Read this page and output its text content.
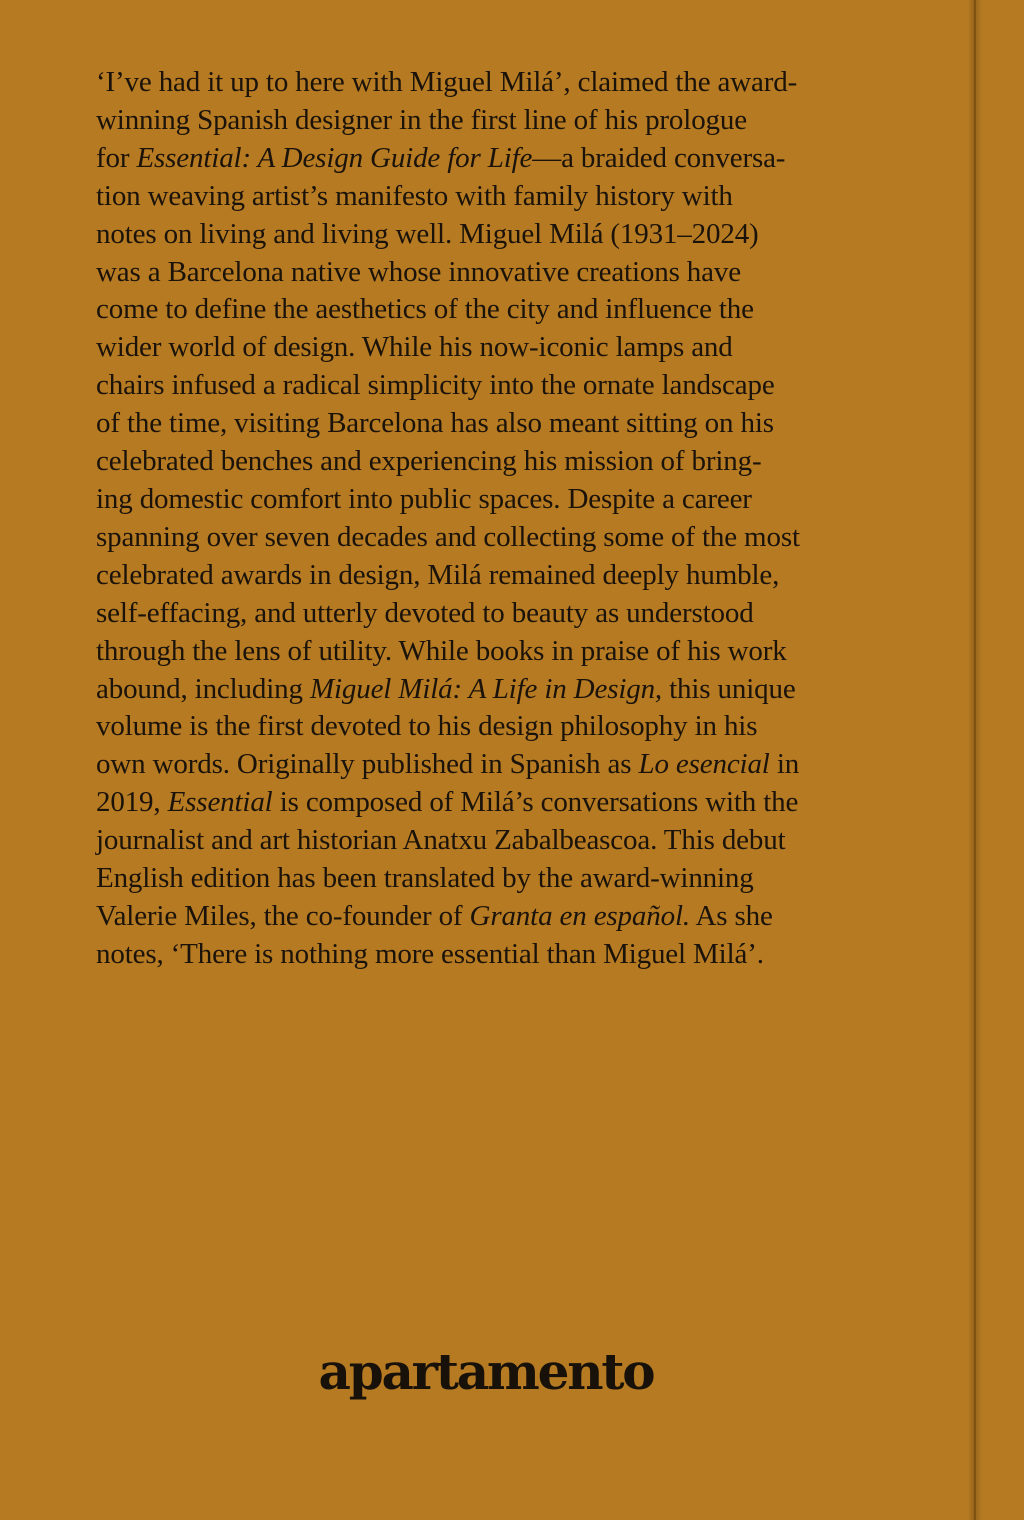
‘I’ve had it up to here with Miguel Milá’, claimed the award-
winning Spanish designer in the first line of his prologue
for Essential: A Design Guide for Life—a braided conversa-
tion weaving artist’s manifesto with family history with
notes on living and living well. Miguel Milá (1931–2024)
was a Barcelona native whose innovative creations have
come to define the aesthetics of the city and influence the
wider world of design. While his now-iconic lamps and
chairs infused a radical simplicity into the ornate landscape
of the time, visiting Barcelona has also meant sitting on his
celebrated benches and experiencing his mission of bring-
ing domestic comfort into public spaces. Despite a career
spanning over seven decades and collecting some of the most
celebrated awards in design, Milá remained deeply humble,
self-effacing, and utterly devoted to beauty as understood
through the lens of utility. While books in praise of his work
abound, including Miguel Milá: A Life in Design, this unique
volume is the first devoted to his design philosophy in his
own words. Originally published in Spanish as Lo esencial in
2019, Essential is composed of Milá’s conversations with the
journalist and art historian Anatxu Zabalbeascoa. This debut
English edition has been translated by the award-winning
Valerie Miles, the co-founder of Granta en español. As she
notes, ‘There is nothing more essential than Miguel Milá’.

apartamento
